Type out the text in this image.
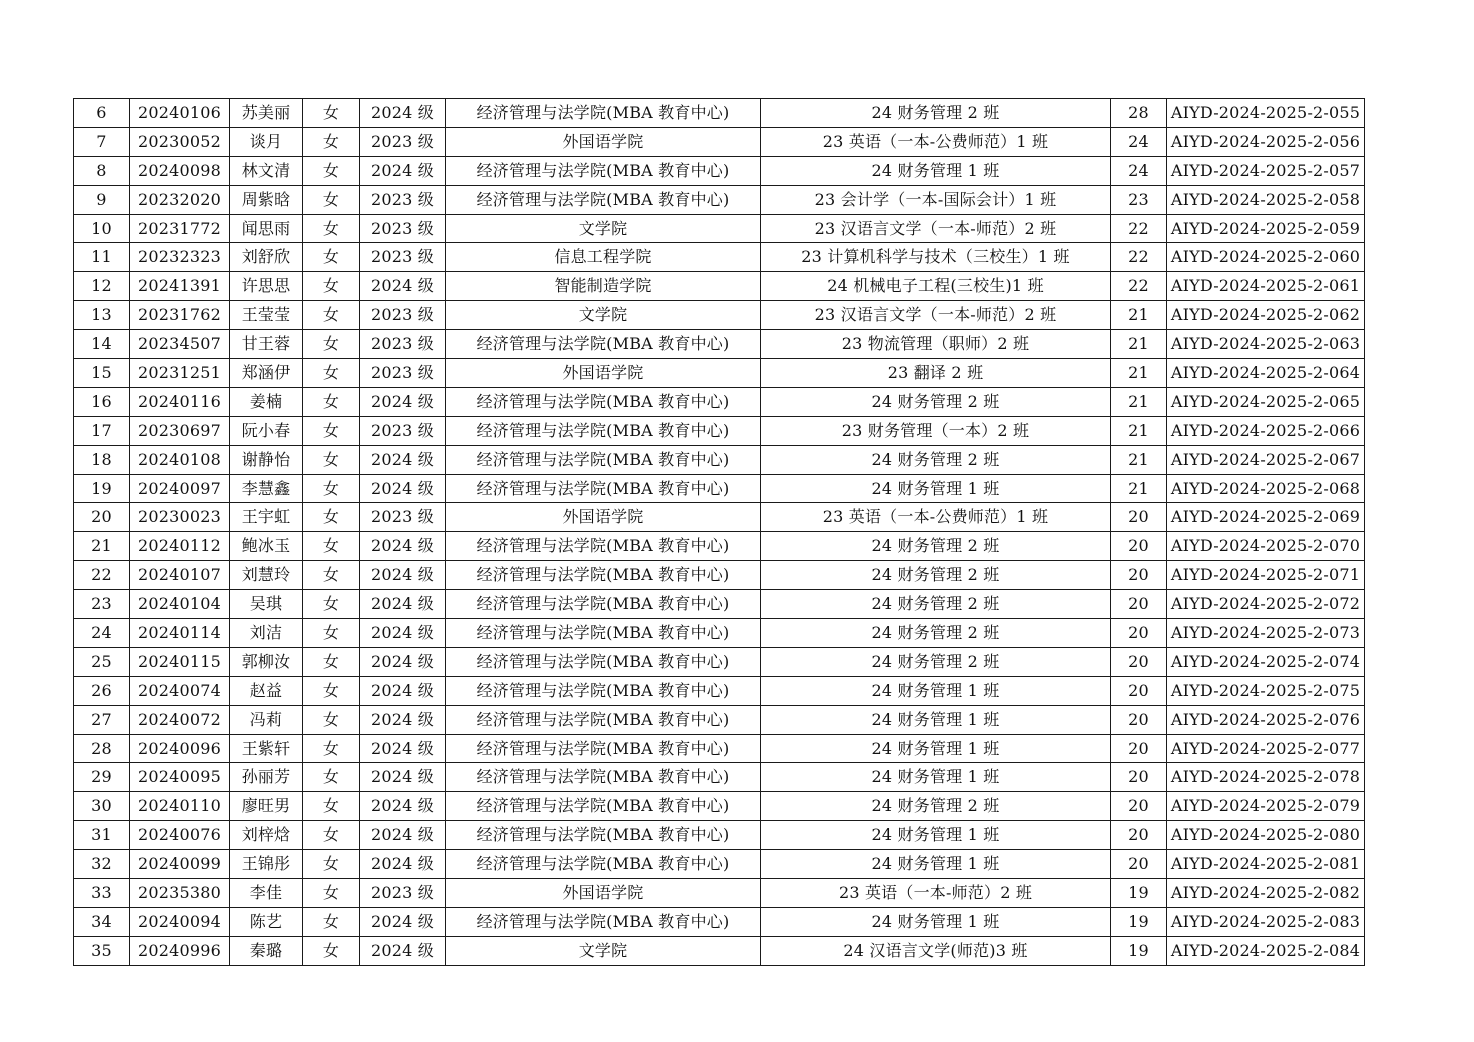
6	20240106	苏美丽	女	2024 级	经济管理与法学院(MBA 教育中心)	24 财务管理 2 班	28	AIYD-2024-2025-2-055
7	20230052	谈月	女	2023 级	外国语学院	23 英语（一本-公费师范）1 班	24	AIYD-2024-2025-2-056
8	20240098	林文清	女	2024 级	经济管理与法学院(MBA 教育中心)	24 财务管理 1 班	24	AIYD-2024-2025-2-057
9	20232020	周紫晗	女	2023 级	经济管理与法学院(MBA 教育中心)	23 会计学（一本-国际会计）1 班	23	AIYD-2024-2025-2-058
10	20231772	闻思雨	女	2023 级	文学院	23 汉语言文学（一本-师范）2 班	22	AIYD-2024-2025-2-059
11	20232323	刘舒欣	女	2023 级	信息工程学院	23 计算机科学与技术（三校生）1 班	22	AIYD-2024-2025-2-060
12	20241391	许思思	女	2024 级	智能制造学院	24 机械电子工程(三校生)1 班	22	AIYD-2024-2025-2-061
13	20231762	王莹莹	女	2023 级	文学院	23 汉语言文学（一本-师范）2 班	21	AIYD-2024-2025-2-062
14	20234507	甘王蓉	女	2023 级	经济管理与法学院(MBA 教育中心)	23 物流管理（职师）2 班	21	AIYD-2024-2025-2-063
15	20231251	郑涵伊	女	2023 级	外国语学院	23 翻译 2 班	21	AIYD-2024-2025-2-064
16	20240116	姜楠	女	2024 级	经济管理与法学院(MBA 教育中心)	24 财务管理 2 班	21	AIYD-2024-2025-2-065
17	20230697	阮小春	女	2023 级	经济管理与法学院(MBA 教育中心)	23 财务管理（一本）2 班	21	AIYD-2024-2025-2-066
18	20240108	谢静怡	女	2024 级	经济管理与法学院(MBA 教育中心)	24 财务管理 2 班	21	AIYD-2024-2025-2-067
19	20240097	李慧鑫	女	2024 级	经济管理与法学院(MBA 教育中心)	24 财务管理 1 班	21	AIYD-2024-2025-2-068
20	20230023	王宇虹	女	2023 级	外国语学院	23 英语（一本-公费师范）1 班	20	AIYD-2024-2025-2-069
21	20240112	鲍冰玉	女	2024 级	经济管理与法学院(MBA 教育中心)	24 财务管理 2 班	20	AIYD-2024-2025-2-070
22	20240107	刘慧玲	女	2024 级	经济管理与法学院(MBA 教育中心)	24 财务管理 2 班	20	AIYD-2024-2025-2-071
23	20240104	吴琪	女	2024 级	经济管理与法学院(MBA 教育中心)	24 财务管理 2 班	20	AIYD-2024-2025-2-072
24	20240114	刘洁	女	2024 级	经济管理与法学院(MBA 教育中心)	24 财务管理 2 班	20	AIYD-2024-2025-2-073
25	20240115	郭柳汝	女	2024 级	经济管理与法学院(MBA 教育中心)	24 财务管理 2 班	20	AIYD-2024-2025-2-074
26	20240074	赵益	女	2024 级	经济管理与法学院(MBA 教育中心)	24 财务管理 1 班	20	AIYD-2024-2025-2-075
27	20240072	冯莉	女	2024 级	经济管理与法学院(MBA 教育中心)	24 财务管理 1 班	20	AIYD-2024-2025-2-076
28	20240096	王紫轩	女	2024 级	经济管理与法学院(MBA 教育中心)	24 财务管理 1 班	20	AIYD-2024-2025-2-077
29	20240095	孙丽芳	女	2024 级	经济管理与法学院(MBA 教育中心)	24 财务管理 1 班	20	AIYD-2024-2025-2-078
30	20240110	廖旺男	女	2024 级	经济管理与法学院(MBA 教育中心)	24 财务管理 2 班	20	AIYD-2024-2025-2-079
31	20240076	刘梓焓	女	2024 级	经济管理与法学院(MBA 教育中心)	24 财务管理 1 班	20	AIYD-2024-2025-2-080
32	20240099	王锦彤	女	2024 级	经济管理与法学院(MBA 教育中心)	24 财务管理 1 班	20	AIYD-2024-2025-2-081
33	20235380	李佳	女	2023 级	外国语学院	23 英语（一本-师范）2 班	19	AIYD-2024-2025-2-082
34	20240094	陈艺	女	2024 级	经济管理与法学院(MBA 教育中心)	24 财务管理 1 班	19	AIYD-2024-2025-2-083
35	20240996	秦璐	女	2024 级	文学院	24 汉语言文学(师范)3 班	19	AIYD-2024-2025-2-084
